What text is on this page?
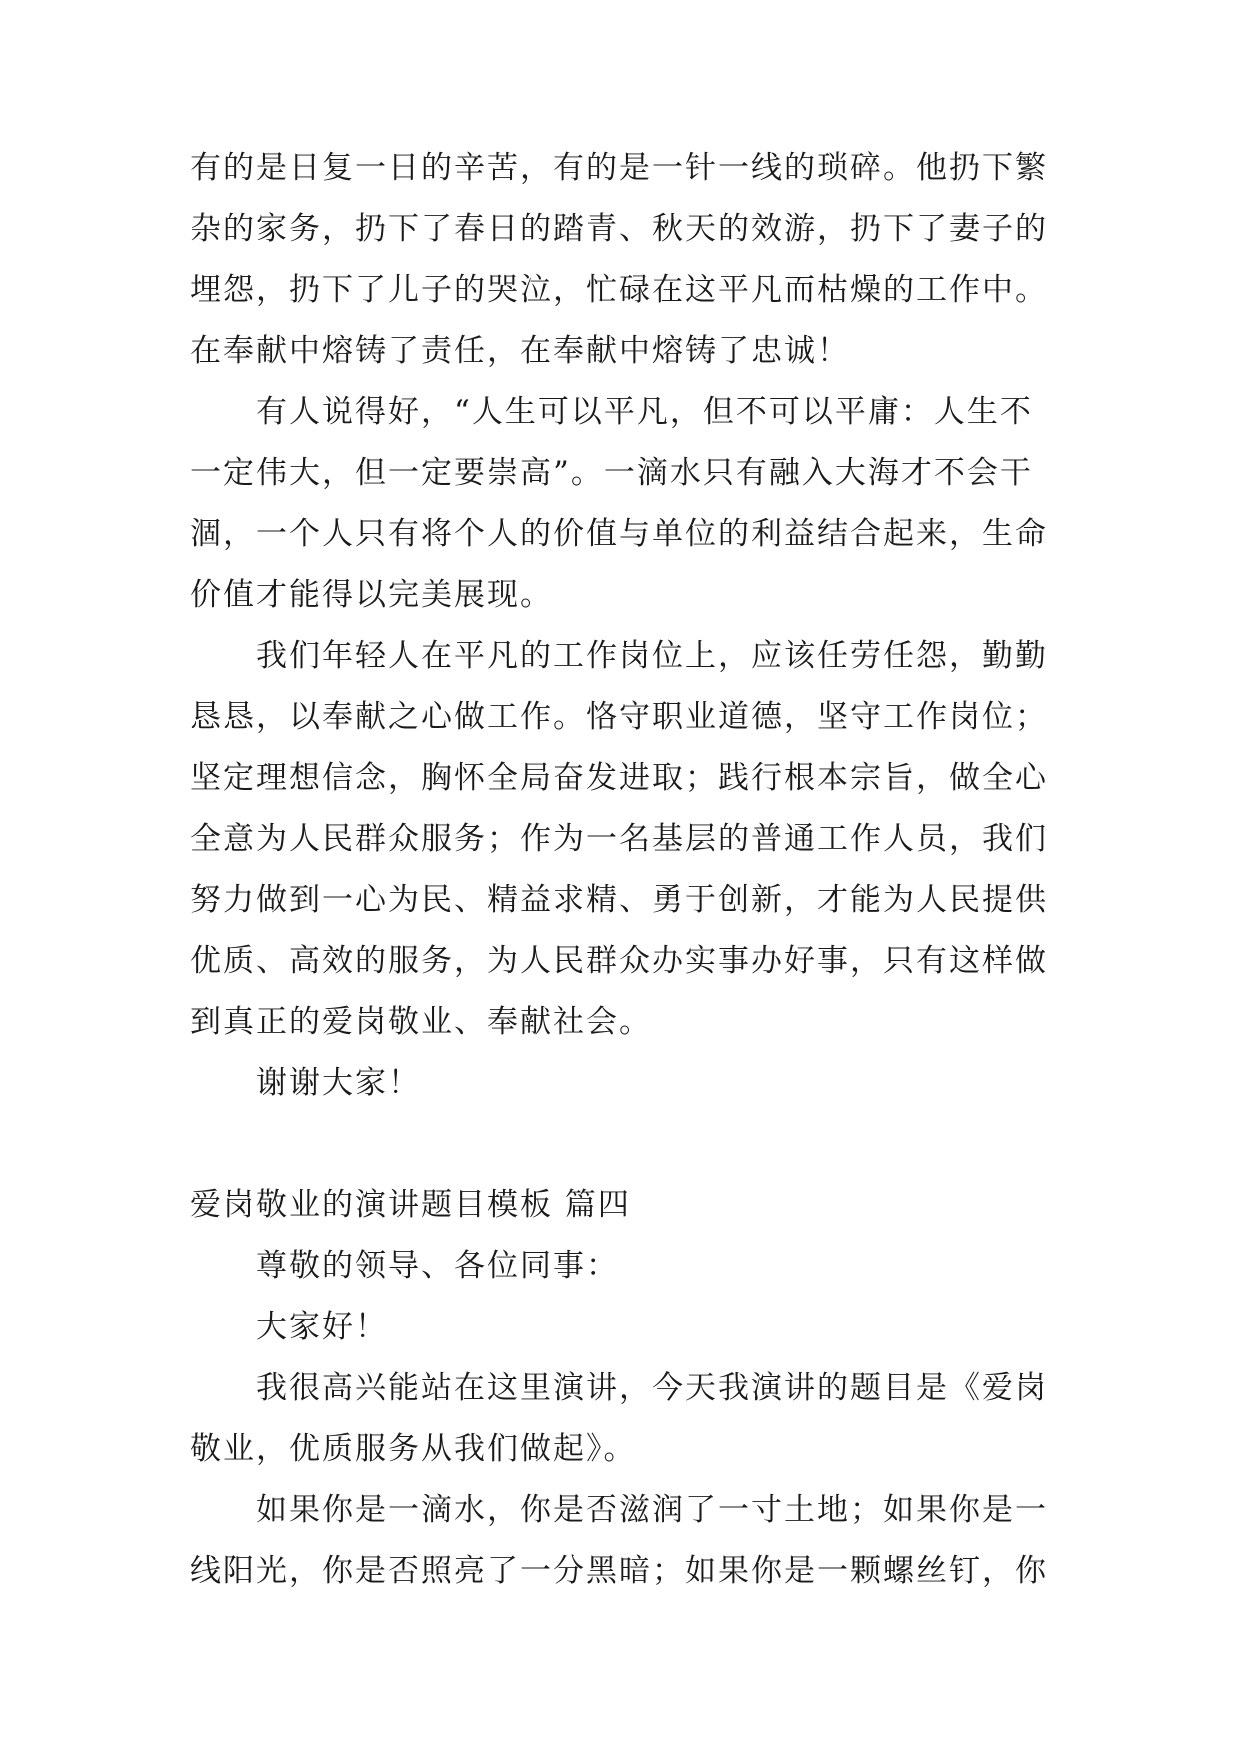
有的是日复一日的辛苦，有的是一针一线的琐碎。他扔下繁
杂的家务，扔下了春日的踏青、秋天的效游，扔下了妻子的
埋怨，扔下了儿子的哭泣，忙碌在这平凡而枯燥的工作中。
在奉献中熔铸了责任，在奉献中熔铸了忠诚！
有人说得好，“人生可以平凡，但不可以平庸：人生不
一定伟大，但一定要崇高”。一滴水只有融入大海才不会干
涸，一个人只有将个人的价值与单位的利益结合起来，生命
价值才能得以完美展现。
我们年轻人在平凡的工作岗位上，应该任劳任怨，勤勤
恳恳，以奉献之心做工作。恪守职业道德，坚守工作岗位；
坚定理想信念，胸怀全局奋发进取；践行根本宗旨，做全心
全意为人民群众服务；作为一名基层的普通工作人员，我们
努力做到一心为民、精益求精、勇于创新，才能为人民提供
优质、高效的服务，为人民群众办实事办好事，只有这样做
到真正的爱岗敬业、奉献社会。
谢谢大家！
爱岗敬业的演讲题目模板 篇四
尊敬的领导、各位同事：
大家好！
我很高兴能站在这里演讲，今天我演讲的题目是《爱岗
敬业，优质服务从我们做起》。
如果你是一滴水，你是否滋润了一寸土地；如果你是一
线阳光，你是否照亮了一分黑暗；如果你是一颗螺丝钉，你
